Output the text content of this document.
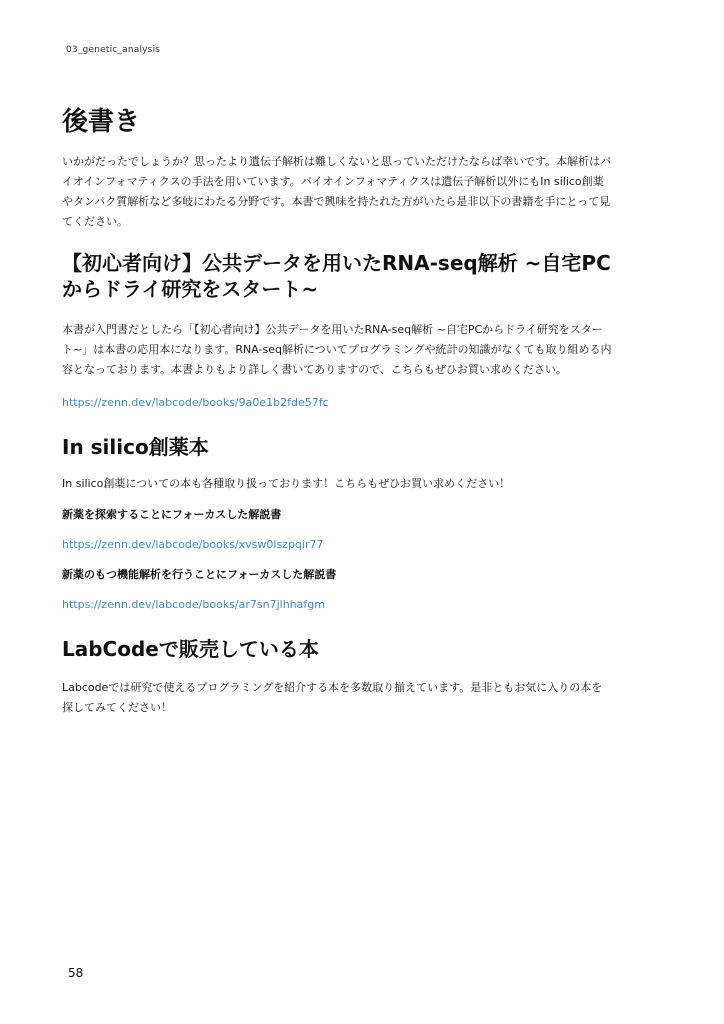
03_genetic_analysis
後書き

いかがだったでしょうか？思ったより遺伝子解析は難しくないと思っていただけたならば幸いです。本解析はバイオインフォマティクスの手法を用いています。バイオインフォマティクスは遺伝子解析以外にもIn silico創薬やタンパク質解析など多岐にわたる分野です。本書で興味を持たれた方がいたら是非以下の書籍を手にとって見てください。

【初心者向け】公共データを用いたRNA-seq解析 ~自宅PCからドライ研究をスタート~

本書が入門書だとしたら「【初心者向け】公共データを用いたRNA-seq解析 ~自宅PCからドライ研究をスタート~」は本書の応用本になります。RNA-seq解析についてプログラミングや統計の知識がなくても取り組める内容となっております。本書よりもより詳しく書いてありますので、こちらもぜひお買い求めください。

https://zenn.dev/labcode/books/9a0e1b2fde57fc
In silico創薬本

In silico創薬についての本も各種取り扱っております！こちらもぜひお買い求めください！

新薬を探索することにフォーカスした解説書

https://zenn.dev/labcode/books/xvsw0lszpqir77

新薬のもつ機能解析を行うことにフォーカスした解説書

https://zenn.dev/labcode/books/ar7sn7jlhhafgm
LabCodeで販売している本

Labcodeでは研究で使えるプログラミングを紹介する本を多数取り揃えています。是非ともお気に入りの本を探してみてください！

58
